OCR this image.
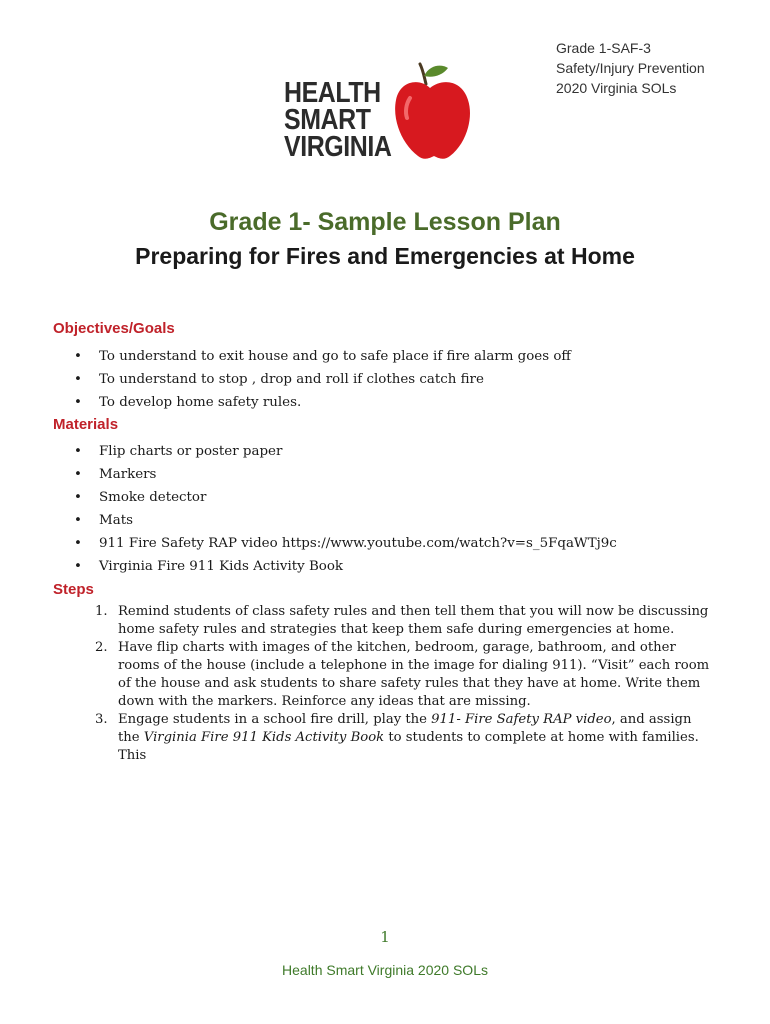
Grade 1-SAF-3
Safety/Injury Prevention
2020 Virginia SOLs
HEALTH
SMART
VIRGINIA
Grade 1- Sample Lesson Plan
Preparing for Fires and Emergencies at Home
Objectives/Goals
• To understand to exit house and go to safe place if fire alarm goes off
• To understand to stop , drop and roll if clothes catch fire
• To develop home safety rules.
Materials
• Flip charts or poster paper
• Markers
• Smoke detector
• Mats
• 911 Fire Safety RAP video https://www.youtube.com/watch?v=s_5FqaWTj9c
• Virginia Fire 911 Kids Activity Book
Steps
1. Remind students of class safety rules and then tell them that you will now be discussing home safety rules and strategies that keep them safe during emergencies at home.
2. Have flip charts with images of the kitchen, bedroom, garage, bathroom, and other rooms of the house (include a telephone in the image for dialing 911). “Visit” each room of the house and ask students to share safety rules that they have at home. Write them down with the markers. Reinforce any ideas that are missing.
3. Engage students in a school fire drill, play the 911- Fire Safety RAP video, and assign the Virginia Fire 911 Kids Activity Book to students to complete at home with families. This
1
Health Smart Virginia 2020 SOLs
